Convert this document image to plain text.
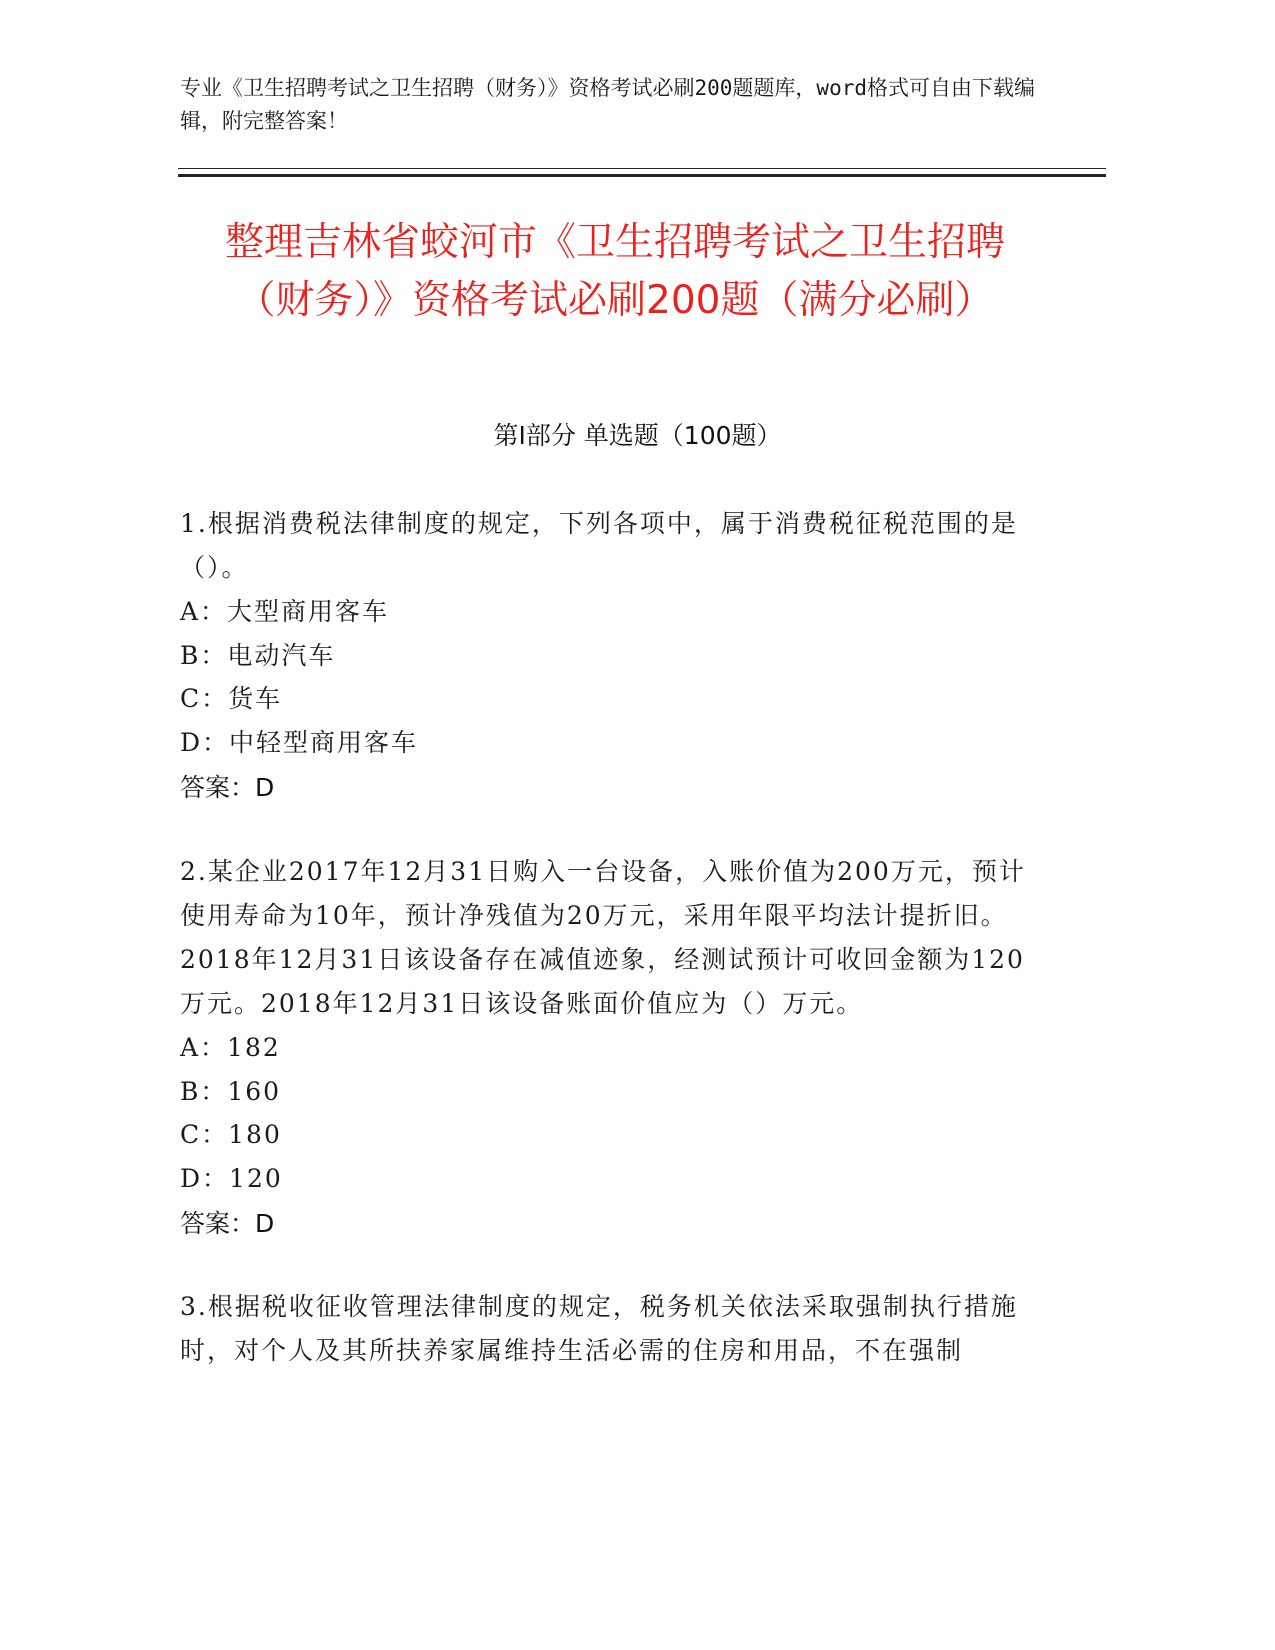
专业《卫生招聘考试之卫生招聘（财务）》资格考试必刷200题题库，word格式可自由下载编辑，附完整答案！
整理吉林省蛟河市《卫生招聘考试之卫生招聘（财务）》资格考试必刷200题（满分必刷）
第Ⅰ部分 单选题（100题）
1.根据消费税法律制度的规定，下列各项中，属于消费税征税范围的是（）。
A：大型商用客车
B：电动汽车
C：货车
D：中轻型商用客车
答案：D
2.某企业2017年12月31日购入一台设备，入账价值为200万元，预计使用寿命为10年，预计净残值为20万元，采用年限平均法计提折旧。2018年12月31日该设备存在减值迹象，经测试预计可收回金额为120万元。2018年12月31日该设备账面价值应为（）万元。
A：182
B：160
C：180
D：120
答案：D
3.根据税收征收管理法律制度的规定，税务机关依法采取强制执行措施时，对个人及其所扶养家属维持生活必需的住房和用品，不在强制
